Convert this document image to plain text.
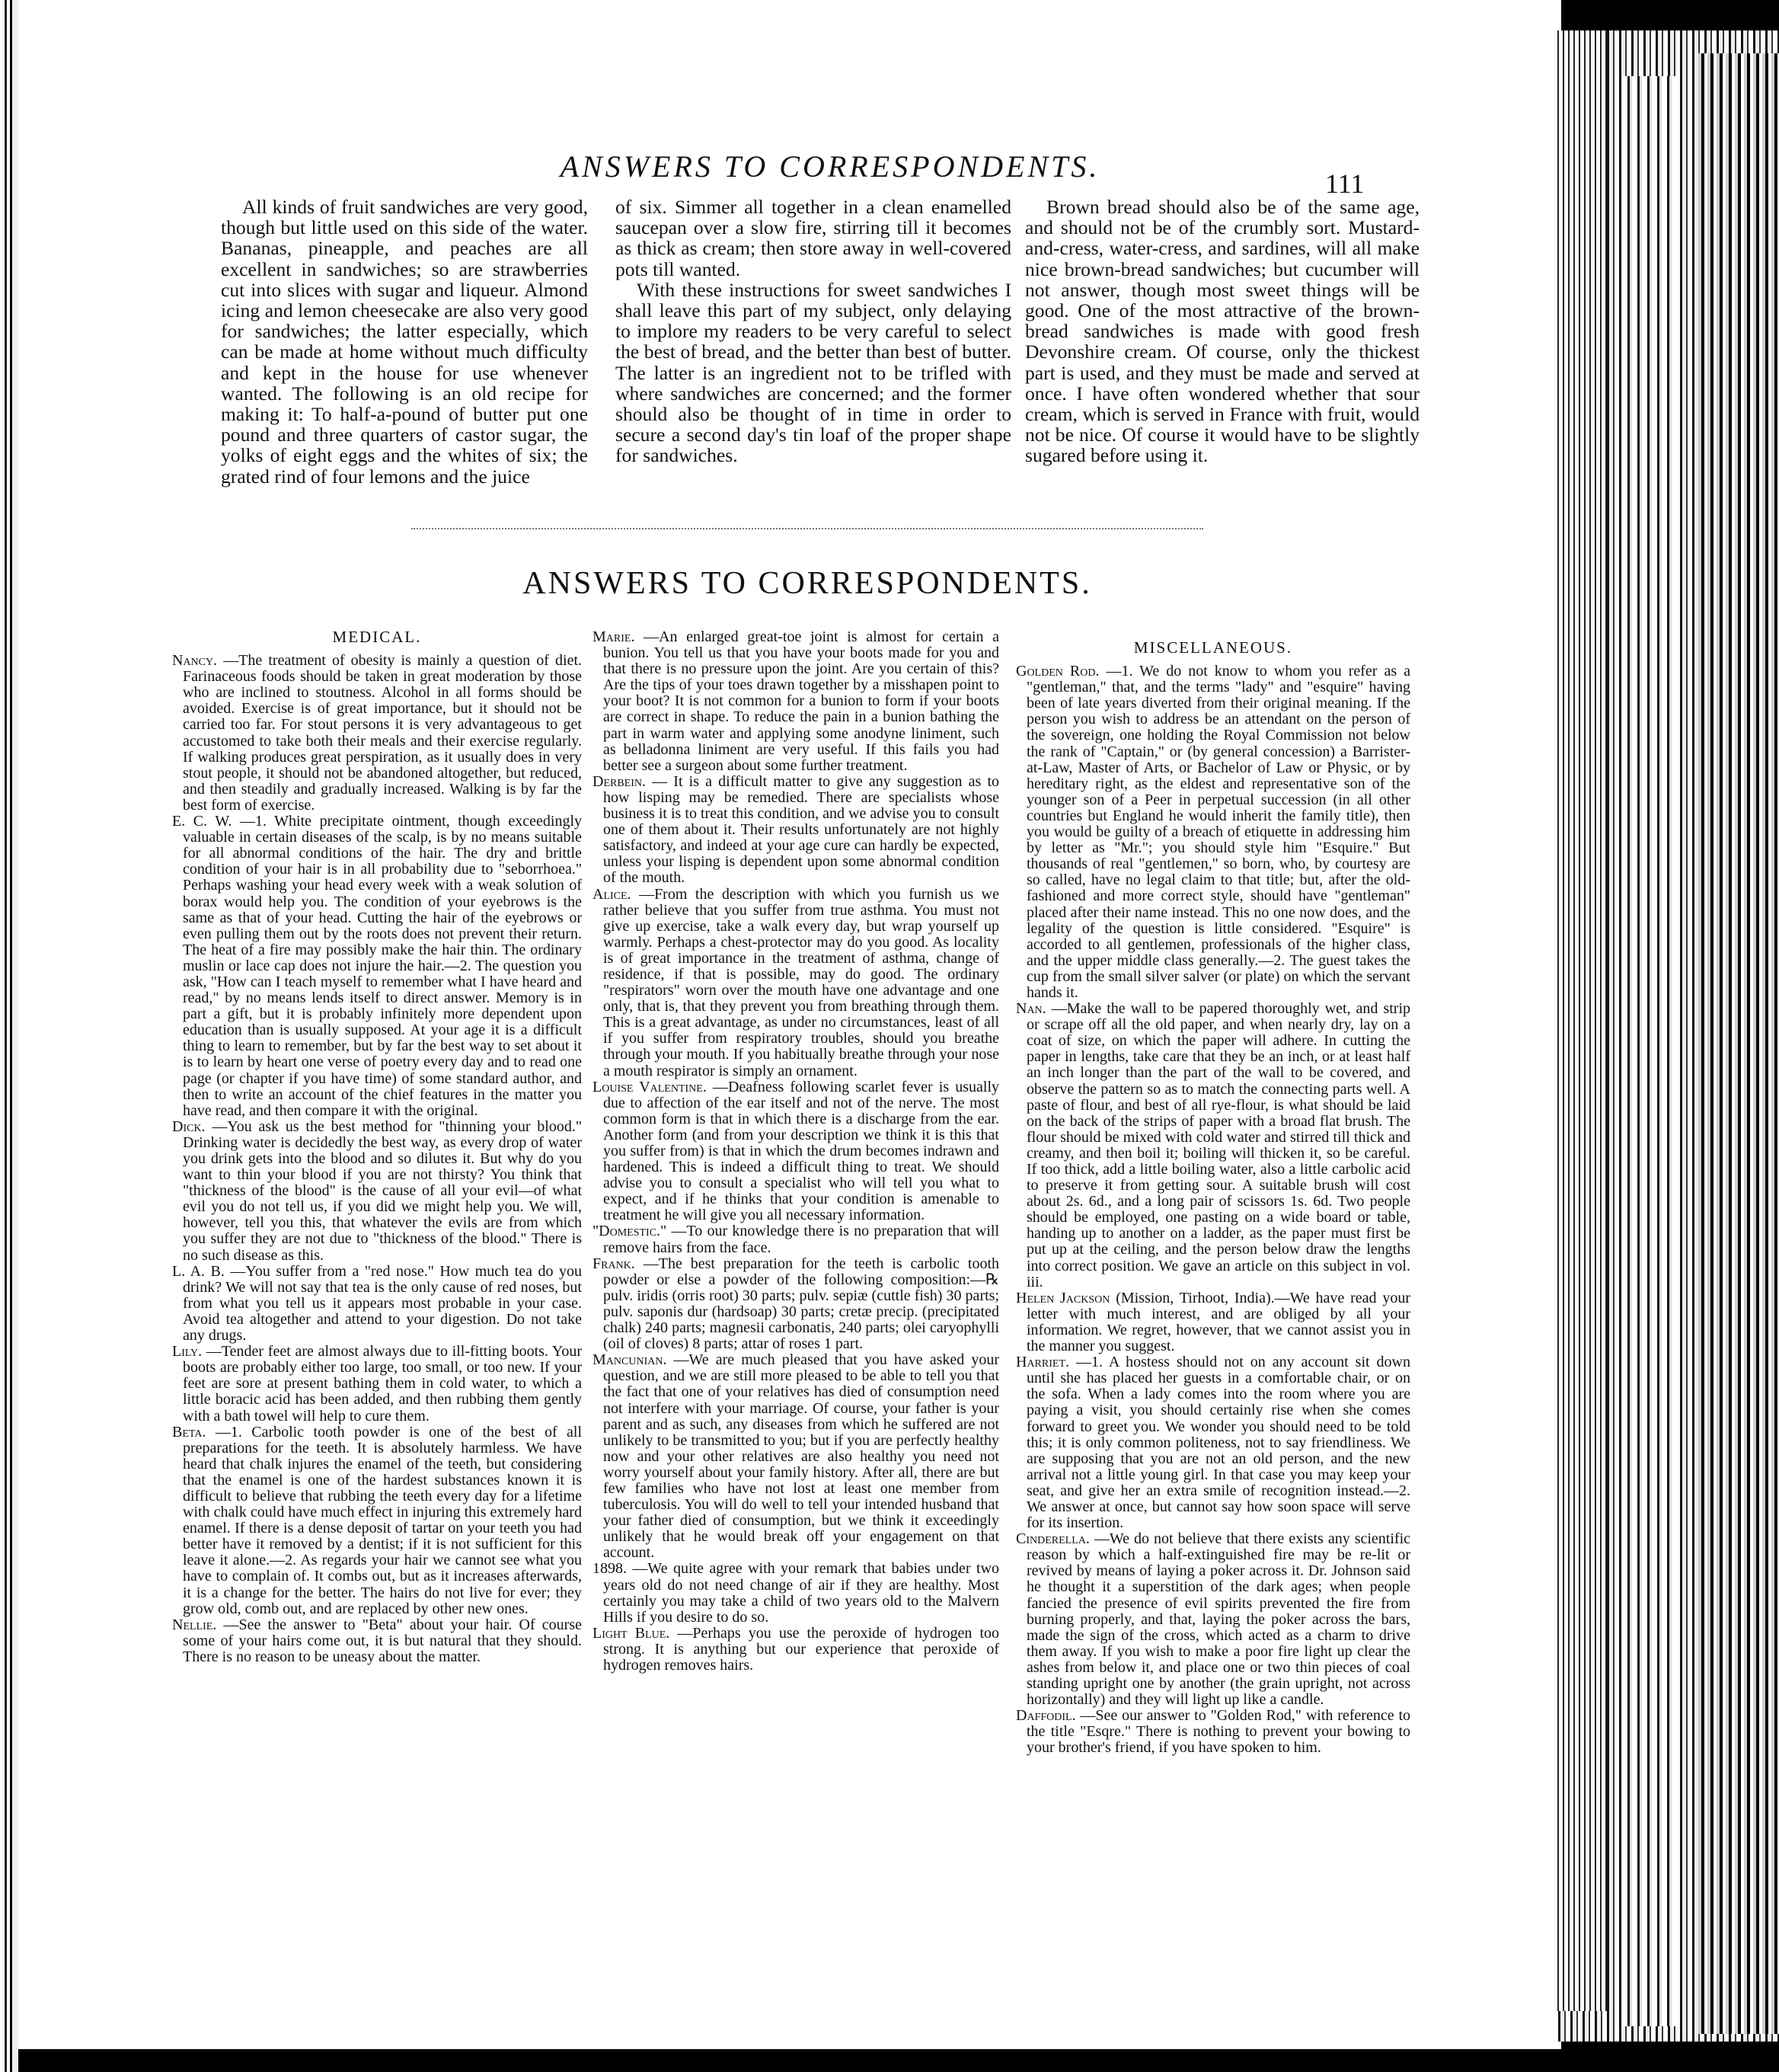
ANSWERS TO CORRESPONDENTS.	111

All kinds of fruit sandwiches are very good, though but little used on this side of the water. Bananas, pineapple, and peaches are all excellent in sandwiches; so are strawberries cut into slices with sugar and liqueur. Almond icing and lemon cheesecake are also very good for sandwiches; the latter especially, which can be made at home without much difficulty and kept in the house for use whenever wanted. The following is an old recipe for making it: To half-a-pound of butter put one pound and three quarters of castor sugar, the yolks of eight eggs and the whites of six; the grated rind of four lemons and the juice

of six. Simmer all together in a clean enamelled saucepan over a slow fire, stirring till it becomes as thick as cream; then store away in well-covered pots till wanted.

With these instructions for sweet sandwiches I shall leave this part of my subject, only delaying to implore my readers to be very careful to select the best of bread, and the better than best of butter. The latter is an ingredient not to be trifled with where sandwiches are concerned; and the former should also be thought of in time in order to secure a second day's tin loaf of the proper shape for sandwiches.

Brown bread should also be of the same age, and should not be of the crumbly sort. Mustard-and-cress, water-cress, and sardines, will all make nice brown-bread sandwiches; but cucumber will not answer, though most sweet things will be good. One of the most attractive of the brown-bread sandwiches is made with good fresh Devonshire cream. Of course, only the thickest part is used, and they must be made and served at once. I have often wondered whether that sour cream, which is served in France with fruit, would not be nice. Of course it would have to be slightly sugared before using it.

ANSWERS TO CORRESPONDENTS.
MEDICAL.

Nancy. —The treatment of obesity is mainly a question of diet. Farinaceous foods should be taken in great moderation by those who are inclined to stoutness. Alcohol in all forms should be avoided. Exercise is of great importance, but it should not be carried too far. For stout persons it is very advantageous to get accustomed to take both their meals and their exercise regularly. If walking produces great perspiration, as it usually does in very stout people, it should not be abandoned altogether, but reduced, and then steadily and gradually increased. Walking is by far the best form of exercise.

E. C. W. —1. White precipitate ointment, though exceedingly valuable in certain diseases of the scalp, is by no means suitable for all abnormal conditions of the hair. The dry and brittle condition of your hair is in all probability due to "seborrhoea." Perhaps washing your head every week with a weak solution of borax would help you. The condition of your eyebrows is the same as that of your head. Cutting the hair of the eyebrows or even pulling them out by the roots does not prevent their return. The heat of a fire may possibly make the hair thin. The ordinary muslin or lace cap does not injure the hair.—2. The question you ask, "How can I teach myself to remember what I have heard and read," by no means lends itself to direct answer. Memory is in part a gift, but it is probably infinitely more dependent upon education than is usually supposed. At your age it is a difficult thing to learn to remember, but by far the best way to set about it is to learn by heart one verse of poetry every day and to read one page (or chapter if you have time) of some standard author, and then to write an account of the chief features in the matter you have read, and then compare it with the original.

Dick. —You ask us the best method for "thinning your blood." Drinking water is decidedly the best way, as every drop of water you drink gets into the blood and so dilutes it. But why do you want to thin your blood if you are not thirsty? You think that "thickness of the blood" is the cause of all your evil—of what evil you do not tell us, if you did we might help you. We will, however, tell you this, that whatever the evils are from which you suffer they are not due to "thickness of the blood." There is no such disease as this.

L. A. B. —You suffer from a "red nose." How much tea do you drink? We will not say that tea is the only cause of red noses, but from what you tell us it appears most probable in your case. Avoid tea altogether and attend to your digestion. Do not take any drugs.

Lily. —Tender feet are almost always due to ill-fitting boots. Your boots are probably either too large, too small, or too new. If your feet are sore at present bathing them in cold water, to which a little boracic acid has been added, and then rubbing them gently with a bath towel will help to cure them.

Beta. —1. Carbolic tooth powder is one of the best of all preparations for the teeth. It is absolutely harmless. We have heard that chalk injures the enamel of the teeth, but considering that the enamel is one of the hardest substances known it is difficult to believe that rubbing the teeth every day for a lifetime with chalk could have much effect in injuring this extremely hard enamel. If there is a dense deposit of tartar on your teeth you had better have it removed by a dentist; if it is not sufficient for this leave it alone.—2. As regards your hair we cannot see what you have to complain of. It combs out, but as it increases afterwards, it is a change for the better. The hairs do not live for ever; they grow old, comb out, and are replaced by other new ones.

Nellie. —See the answer to "Beta" about your hair. Of course some of your hairs come out, it is but natural that they should. There is no reason to be uneasy about the matter.

Marie. —An enlarged great-toe joint is almost for certain a bunion. You tell us that you have your boots made for you and that there is no pressure upon the joint. Are you certain of this? Are the tips of your toes drawn together by a misshapen point to your boot? It is not common for a bunion to form if your boots are correct in shape. To reduce the pain in a bunion bathing the part in warm water and applying some anodyne liniment, such as belladonna liniment are very useful. If this fails you had better see a surgeon about some further treatment.

Derbein. — It is a difficult matter to give any suggestion as to how lisping may be remedied. There are specialists whose business it is to treat this condition, and we advise you to consult one of them about it. Their results unfortunately are not highly satisfactory, and indeed at your age cure can hardly be expected, unless your lisping is dependent upon some abnormal condition of the mouth.

Alice. —From the description with which you furnish us we rather believe that you suffer from true asthma. You must not give up exercise, take a walk every day, but wrap yourself up warmly. Perhaps a chest-protector may do you good. As locality is of great importance in the treatment of asthma, change of residence, if that is possible, may do good. The ordinary "respirators" worn over the mouth have one advantage and one only, that is, that they prevent you from breathing through them. This is a great advantage, as under no circumstances, least of all if you suffer from respiratory troubles, should you breathe through your mouth. If you habitually breathe through your nose a mouth respirator is simply an ornament.

Louise Valentine. —Deafness following scarlet fever is usually due to affection of the ear itself and not of the nerve. The most common form is that in which there is a discharge from the ear. Another form (and from your description we think it is this that you suffer from) is that in which the drum becomes indrawn and hardened. This is indeed a difficult thing to treat. We should advise you to consult a specialist who will tell you what to expect, and if he thinks that your condition is amenable to treatment he will give you all necessary information.

"Domestic." —To our knowledge there is no preparation that will remove hairs from the face.

Frank. —The best preparation for the teeth is carbolic tooth powder or else a powder of the following composition:—℞ pulv. iridis (orris root) 30 parts; pulv. sepiæ (cuttle fish) 30 parts; pulv. saponis dur (hardsoap) 30 parts; cretæ precip. (precipitated chalk) 240 parts; magnesii carbonatis, 240 parts; olei caryophylli (oil of cloves) 8 parts; attar of roses 1 part.

Mancunian. —We are much pleased that you have asked your question, and we are still more pleased to be able to tell you that the fact that one of your relatives has died of consumption need not interfere with your marriage. Of course, your father is your parent and as such, any diseases from which he suffered are not unlikely to be transmitted to you; but if you are perfectly healthy now and your other relatives are also healthy you need not worry yourself about your family history. After all, there are but few families who have not lost at least one member from tuberculosis. You will do well to tell your intended husband that your father died of consumption, but we think it exceedingly unlikely that he would break off your engagement on that account.

1898. —We quite agree with your remark that babies under two years old do not need change of air if they are healthy. Most certainly you may take a child of two years old to the Malvern Hills if you desire to do so.

Light Blue. —Perhaps you use the peroxide of hydrogen too strong. It is anything but our experience that peroxide of hydrogen removes hairs.

MISCELLANEOUS.

Golden Rod. —1. We do not know to whom you refer as a "gentleman," that, and the terms "lady" and "esquire" having been of late years diverted from their original meaning. If the person you wish to address be an attendant on the person of the sovereign, one holding the Royal Commission not below the rank of "Captain," or (by general concession) a Barrister-at-Law, Master of Arts, or Bachelor of Law or Physic, or by hereditary right, as the eldest and representative son of the younger son of a Peer in perpetual succession (in all other countries but England he would inherit the family title), then you would be guilty of a breach of etiquette in addressing him by letter as "Mr."; you should style him "Esquire." But thousands of real "gentlemen," so born, who, by courtesy are so called, have no legal claim to that title; but, after the old-fashioned and more correct style, should have "gentleman" placed after their name instead. This no one now does, and the legality of the question is little considered. "Esquire" is accorded to all gentlemen, professionals of the higher class, and the upper middle class generally.—2. The guest takes the cup from the small silver salver (or plate) on which the servant hands it.

Nan. —Make the wall to be papered thoroughly wet, and strip or scrape off all the old paper, and when nearly dry, lay on a coat of size, on which the paper will adhere. In cutting the paper in lengths, take care that they be an inch, or at least half an inch longer than the part of the wall to be covered, and observe the pattern so as to match the connecting parts well. A paste of flour, and best of all rye-flour, is what should be laid on the back of the strips of paper with a broad flat brush. The flour should be mixed with cold water and stirred till thick and creamy, and then boil it; boiling will thicken it, so be careful. If too thick, add a little boiling water, also a little carbolic acid to preserve it from getting sour. A suitable brush will cost about 2s. 6d., and a long pair of scissors 1s. 6d. Two people should be employed, one pasting on a wide board or table, handing up to another on a ladder, as the paper must first be put up at the ceiling, and the person below draw the lengths into correct position. We gave an article on this subject in vol. iii.

Helen Jackson (Mission, Tirhoot, India).—We have read your letter with much interest, and are obliged by all your information. We regret, however, that we cannot assist you in the manner you suggest.

Harriet. —1. A hostess should not on any account sit down until she has placed her guests in a comfortable chair, or on the sofa. When a lady comes into the room where you are paying a visit, you should certainly rise when she comes forward to greet you. We wonder you should need to be told this; it is only common politeness, not to say friendliness. We are supposing that you are not an old person, and the new arrival not a little young girl. In that case you may keep your seat, and give her an extra smile of recognition instead.—2. We answer at once, but cannot say how soon space will serve for its insertion.

Cinderella. —We do not believe that there exists any scientific reason by which a half-extinguished fire may be re-lit or revived by means of laying a poker across it. Dr. Johnson said he thought it a superstition of the dark ages; when people fancied the presence of evil spirits prevented the fire from burning properly, and that, laying the poker across the bars, made the sign of the cross, which acted as a charm to drive them away. If you wish to make a poor fire light up clear the ashes from below it, and place one or two thin pieces of coal standing upright one by another (the grain upright, not across horizontally) and they will light up like a candle.

Daffodil. —See our answer to "Golden Rod," with reference to the title "Esqre." There is nothing to prevent your bowing to your brother's friend, if you have spoken to him.
